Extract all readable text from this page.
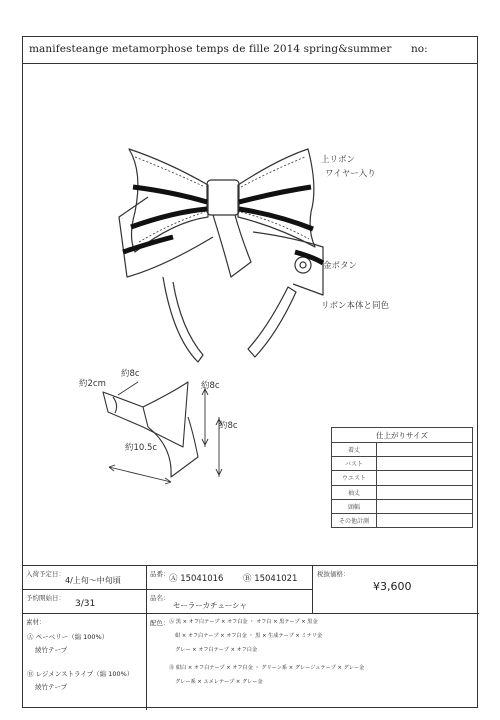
manifesteange metamorphose temps de fille 2014 spring&summer no:
上リボン
ワイヤー入り
金ボタン
リボン本体と同色
約8c
約2cm	約8c
約8c
約10.5c
仕上がりサイズ	
着丈	
バスト	
ウエスト	
袖丈	
頭幅	
その他計測	
入荷予定日：
4/上旬～中旬頃
品番： Ⓐ 15041016 Ⓑ 15041021	税抜価格：
¥3,600
予約開始日：
3/31
品名：
セーラーカチューシャ
素材：
Ⓐ ペーベリー（綿 100%）
綾竹テープ
Ⓑ レジメンストライプ（綿 100%）
綾竹テープ
配色： Ⓐ 黒 × オフ白テープ × オフ白金 ・ オフ白 × 黒テープ × 黒金
紺 × オフ白テープ × オフ白金 ・ 黒 × 生成テープ × ミナリ金
グレー × オフ白テープ × オフ白金
Ⓑ 紺白 × オフ白テープ × オフ白金 ・ グリーン系 × グレージュテープ × グレー金
グレー系 × ユメレテープ × グレー金
